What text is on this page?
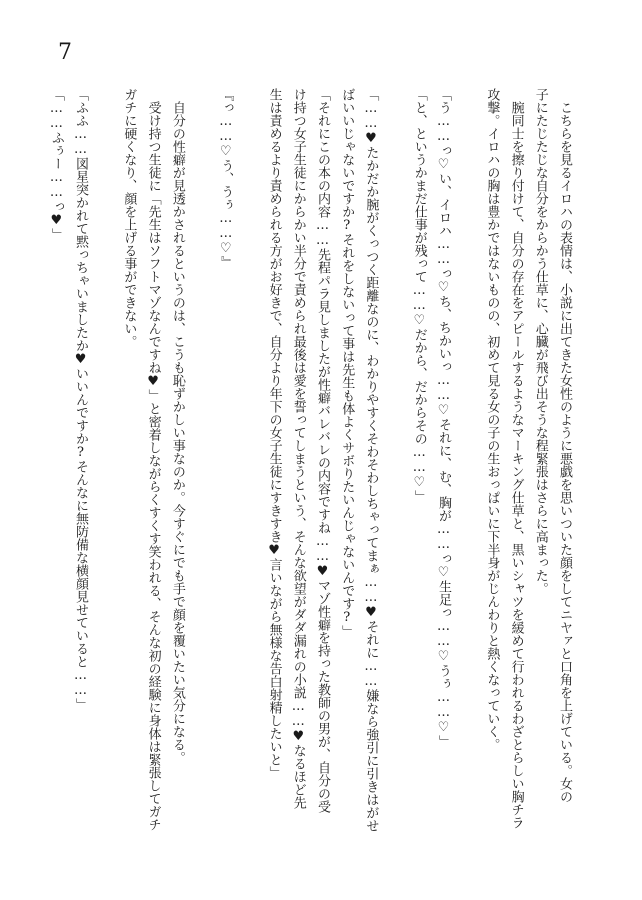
7

　こちらを見るイロハの表情は、小説に出てきた女性のように悪戯を思いついた顔をしてニヤァと口角を上げている。女の

子にたじたじな自分をからかう仕草に、心臓が飛び出そうな程緊張はさらに高まった。

　腕同士を擦り付けて、自分の存在をアピールするようなマーキング仕草と、黒いシャツを緩めて行われるわざとらしい胸チラ

攻撃。イロハの胸は豊かではないものの、初めて見る女の子の生おっぱいに下半身がじんわりと熱くなっていく。

「う……っ♡い、イロハ……っ♡ち、ちかいっ……♡それに、む、胸が……っ♡生足っ……♡うぅ……♡」

「と、というかまだ仕事が残って……♡だから、だからその……♡」

「……♥たかだか腕がくっつく距離なのに、わかりやすくそわそわしちゃってまぁ……♥それに……嫌なら強引に引きはがせ

ばいいじゃないですか?それをしないって事は先生も体よくサボりたいんじゃないんです?」

「それにこの本の内容……先程パラ見しましたが性癖バレバレの内容ですね……♥マゾ性癖を持った教師の男が、自分の受

け持つ女子生徒にからかい半分で責められ最後は愛を誓ってしまうという、そんな欲望がダダ漏れの小説……♥なるほど先

生は責めるより責められる方がお好きで、自分より年下の女子生徒にすきすき♥言いながら無様な告白射精したいと」

『っ……♡う、うぅ……♡』

　自分の性癖が見透かされるというのは、こうも恥ずかしい事なのか。今すぐにでも手で顔を覆いたい気分になる。

　受け持つ生徒に「先生はソフトマゾなんですね♥」と密着しながらくすくす笑われる、そんな初の経験に身体は緊張してガチ

ガチに硬くなり、顔を上げる事ができない。

「ふふ……図星突かれて黙っちゃいましたか♥いいんですか?そんなに無防備な横顔見せていると……」

「……ふぅー……っ♥」
